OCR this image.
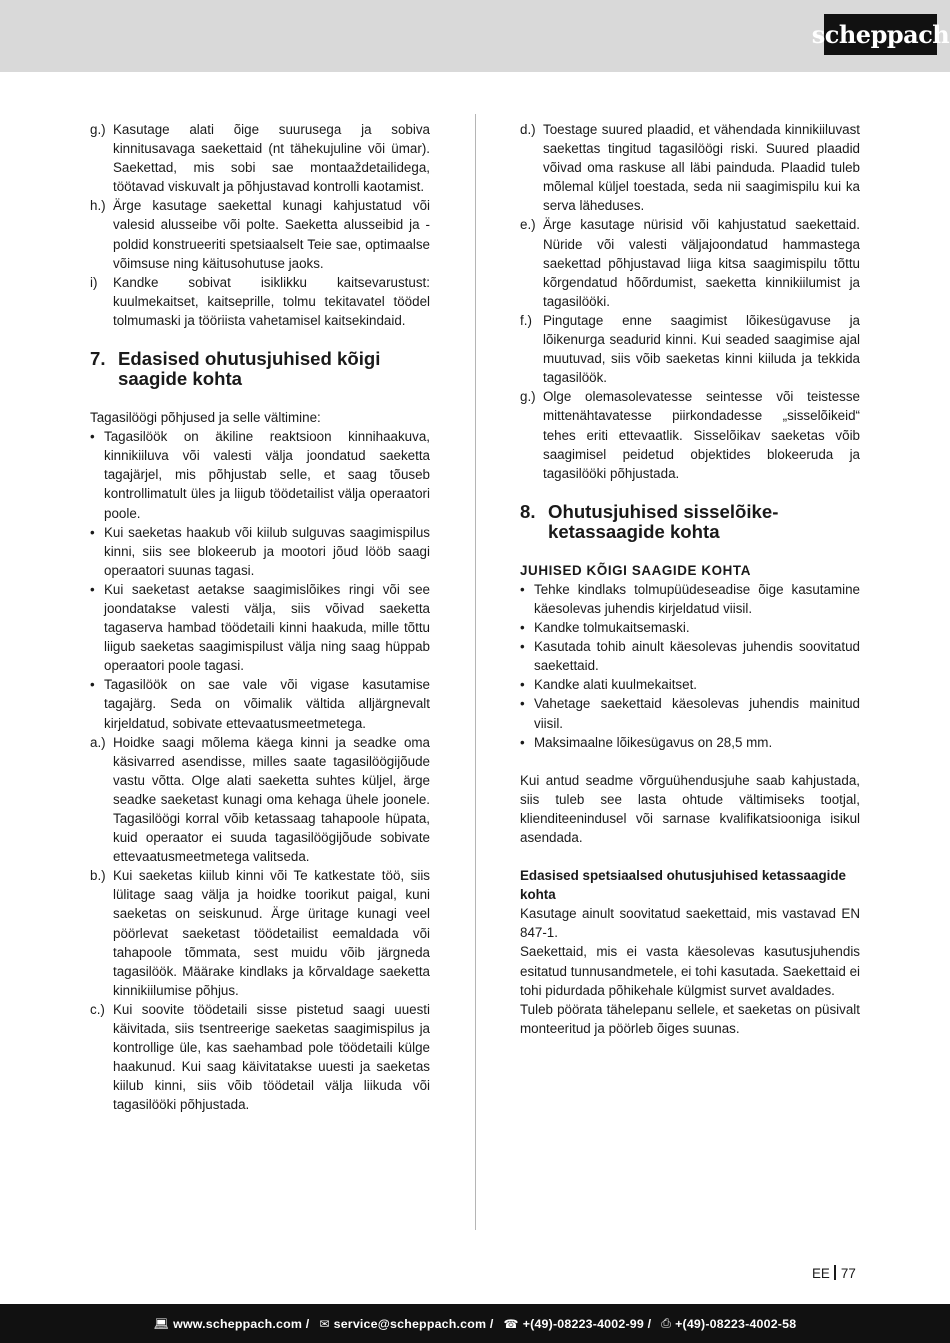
scheppach
g.) Kasutage alati õige suurusega ja sobiva kinnitusavaga saekettaid (nt tähekujuline või ümar). Saekettad, mis sobi sae montaaždetailidega, töötavad viskuvalt ja põhjustavad kontrolli kaotamist.
h.) Ärge kasutage saekettal kunagi kahjustatud või valesid alusseibe või polte. Saeketta alusseibid ja -poldid konstrueeriti spetsiaalselt Teie sae, optimaalse võimsuse ning käitusohutuse jaoks.
i)	Kandke sobivat isiklikku kaitsevarustust: kuulmekaitset, kaitseprille, tolmu tekitavatel töödel tolmumaski ja tööriista vahetamisel kaitsekindaid.
7. Edasised ohutusjuhised kõigi saagide kohta
Tagasilöögi põhjused ja selle vältimine:
• Tagasilöök on äkiline reaktsioon kinnihaakuva, kinnikiiluva või valesti välja joondatud saeketta tagajärjel, mis põhjustab selle, et saag tõuseb kontrollimatult üles ja liigub töödetailist välja operaatori poole.
• Kui saeketas haakub või kiilub sulguvas saagimispilus kinni, siis see blokeerub ja mootori jõud lööb saagi operaatori suunas tagasi.
• Kui saeketast aetakse saagimislõikes ringi või see joondatakse valesti välja, siis võivad saeketta tagaserva hambad töödetaili kinni haakuda, mille tõttu liigub saeketas saagimispilust välja ning saag hüppab operaatori poole tagasi.
• Tagasilöök on sae vale või vigase kasutamise tagajärg. Seda on võimalik vältida alljärgnevalt kirjeldatud, sobivate ettevaatusmeetmetega.
a.) Hoidke saagi mõlema käega kinni ja seadke oma käsivarred asendisse, milles saate tagasilöögijõude vastu võtta. Olge alati saeketta suhtes küljel, ärge seadke saeketast kunagi oma kehaga ühele joonele. Tagasilöögi korral võib ketassaag tahapoole hüpata, kuid operaator ei suuda tagasilöögijõude sobivate ettevaatusmeetmetega valitseda.
b.) Kui saeketas kiilub kinni või Te katkestate töö, siis lülitage saag välja ja hoidke toorikut paigal, kuni saeketas on seiskunud. Ärge üritage kunagi veel pöörlevat saeketast töödetailist eemaldada või tahapoole tõmmata, sest muidu võib järgneda tagasilöök. Määrake kindlaks ja kõrvaldage saeketta kinnikiilumise põhjus.
c.) Kui soovite töödetaili sisse pistetud saagi uuesti käivitada, siis tsentreerige saeketas saagimispilus ja kontrollige üle, kas saehambad pole töödetaili külge haakunud. Kui saag käivitatakse uuesti ja saeketas kiilub kinni, siis võib töödetail välja liikuda või tagasilööki põhjustada.
d.) Toestage suured plaadid, et vähendada kinnikiiluvast saekettas tingitud tagasilöögi riski. Suured plaadid võivad oma raskuse all läbi painduda. Plaadid tuleb mõlemal küljel toestada, seda nii saagimispilu kui ka serva läheduses.
e.) Ärge kasutage nürisid või kahjustatud saekettaid. Nüride või valesti väljajoondatud hammastega saekettad põhjustavad liiga kitsa saagimispilu tõttu kõrgendatud hõõrdumist, saeketta kinnikiilumist ja tagasilööki.
f.) Pingutage enne saagimist lõikesügavuse ja lõikenurga seadurid kinni. Kui seaded saagimise ajal muutuvad, siis võib saeketas kinni kiiluda ja tekkida tagasilöök.
g.) Olge olemasolevatesse seintesse või teistesse mittenähtavatesse piirkondadesse „sisselõikeid“ tehes eriti ettevaatlik. Sisselõikav saeketas võib saagimisel peidetud objektides blokeeruda ja tagasilööki põhjustada.
8. Ohutusjuhised sisselõike-ketassaagide kohta
JUHISED KÕIGI SAAGIDE KOHTA
• Tehke kindlaks tolmupüüdeseadise õige kasutamine käesolevas juhendis kirjeldatud viisil.
• Kandke tolmukaitsemaski.
• Kasutada tohib ainult käesolevas juhendis soovitatud saekettaid.
• Kandke alati kuulmekaitset.
• Vahetage saekettaid käesolevas juhendis mainitud viisil.
• Maksimaalne lõikesügavus on 28,5 mm.
Kui antud seadme võrguühendusjuhe saab kahjustada, siis tuleb see lasta ohtude vältimiseks tootjal, klienditeenindusel või sarnase kvalifikatsiooniga isikul asendada.
Edasised spetsiaalsed ohutusjuhised ketassaagide kohta
Kasutage ainult soovitatud saekettaid, mis vastavad EN 847-1.
Saekettaid, mis ei vasta käesolevas kasutusjuhendis esitatud tunnusandmetele, ei tohi kasutada. Saekettaid ei tohi pidurdada põhikehale külgmist survet avaldades.
Tuleb pöörata tähelepanu sellele, et saeketas on püsivalt monteeritud ja pöörleb õiges suunas.
EE 77
💻︎ www.scheppach.com / ✉︎ service@scheppach.com / ☎︎ +(49)-08223-4002-99 / ⎙ +(49)-08223-4002-58
